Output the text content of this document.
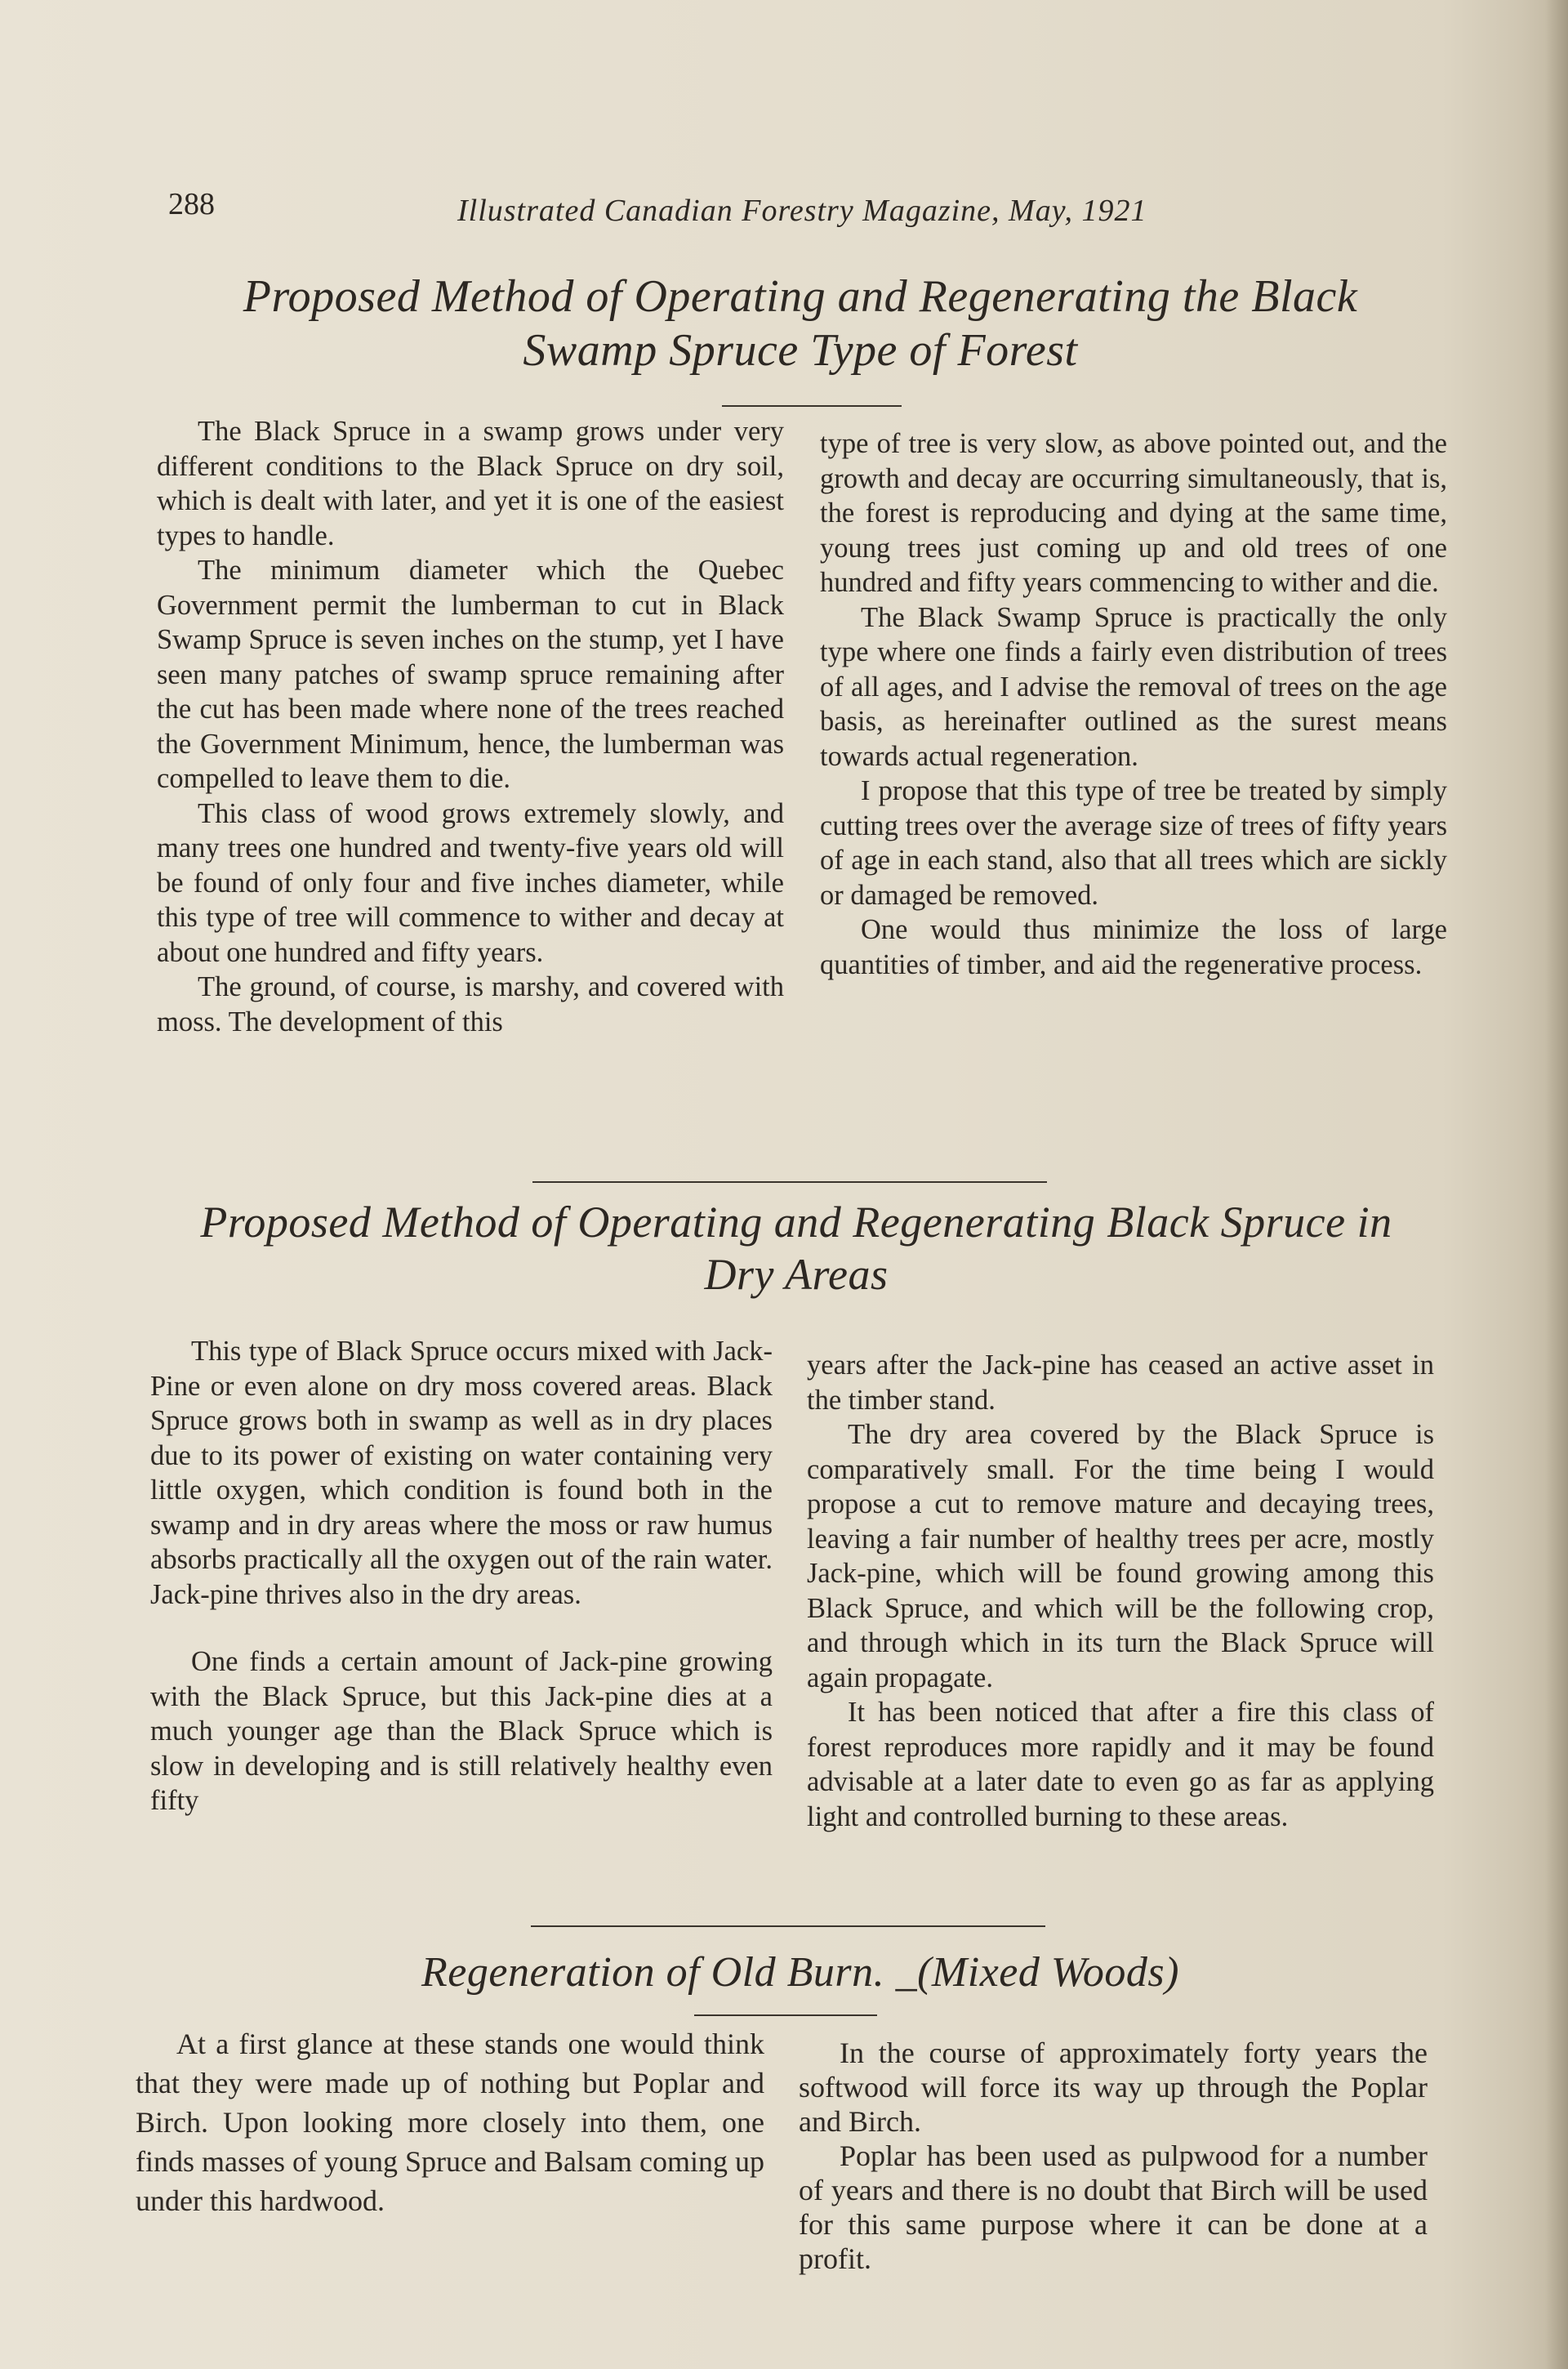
288	Illustrated Canadian Forestry Magazine, May, 1921
Proposed Method of Operating and Regenerating the Black Swamp Spruce Type of Forest

The Black Spruce in a swamp grows under very different conditions to the Black Spruce on dry soil, which is dealt with later, and yet it is one of the easiest types to handle.

The minimum diameter which the Quebec Government permit the lumberman to cut in Black Swamp Spruce is seven inches on the stump, yet I have seen many patches of swamp spruce remaining after the cut has been made where none of the trees reached the Government Minimum, hence, the lumberman was compelled to leave them to die.

This class of wood grows extremely slowly, and many trees one hundred and twenty-five years old will be found of only four and five inches diameter, while this type of tree will commence to wither and decay at about one hundred and fifty years.

The ground, of course, is marshy, and covered with moss. The development of this

type of tree is very slow, as above pointed out, and the growth and decay are occurring simultaneously, that is, the forest is reproducing and dying at the same time, young trees just coming up and old trees of one hundred and fifty years commencing to wither and die.

The Black Swamp Spruce is practically the only type where one finds a fairly even distribution of trees of all ages, and I advise the removal of trees on the age basis, as hereinafter outlined as the surest means towards actual regeneration.

I propose that this type of tree be treated by simply cutting trees over the average size of trees of fifty years of age in each stand, also that all trees which are sickly or damaged be removed.

One would thus minimize the loss of large quantities of timber, and aid the regenerative process.

Proposed Method of Operating and Regenerating Black Spruce in Dry Areas

This type of Black Spruce occurs mixed with Jack-Pine or even alone on dry moss covered areas. Black Spruce grows both in swamp as well as in dry places due to its power of existing on water containing very little oxygen, which condition is found both in the swamp and in dry areas where the moss or raw humus absorbs practically all the oxygen out of the rain water. Jack-pine thrives also in the dry areas.

One finds a certain amount of Jack-pine growing with the Black Spruce, but this Jack-pine dies at a much younger age than the Black Spruce which is slow in developing and is still relatively healthy even fifty

years after the Jack-pine has ceased an active asset in the timber stand.

The dry area covered by the Black Spruce is comparatively small. For the time being I would propose a cut to remove mature and decaying trees, leaving a fair number of healthy trees per acre, mostly Jack-pine, which will be found growing among this Black Spruce, and which will be the following crop, and through which in its turn the Black Spruce will again propagate.

It has been noticed that after a fire this class of forest reproduces more rapidly and it may be found advisable at a later date to even go as far as applying light and controlled burning to these areas.

Regeneration of Old Burn. _(Mixed Woods)

At a first glance at these stands one would think that they were made up of nothing but Poplar and Birch. Upon looking more closely into them, one finds masses of young Spruce and Balsam coming up under this hardwood.

In the course of approximately forty years the softwood will force its way up through the Poplar and Birch.

Poplar has been used as pulpwood for a number of years and there is no doubt that Birch will be used for this same purpose where it can be done at a profit.
